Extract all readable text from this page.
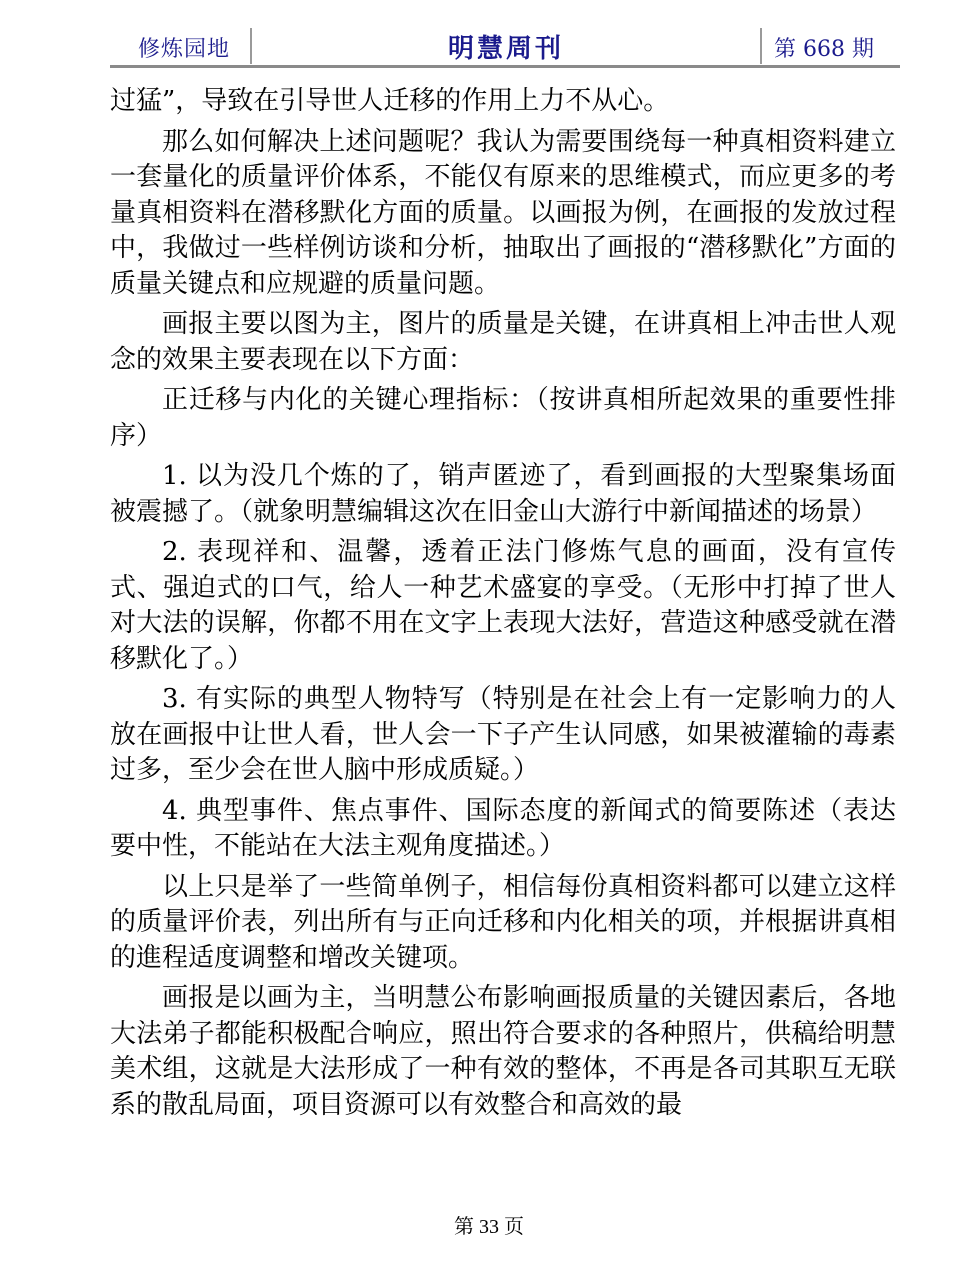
修炼园地	明慧周刊	第 668 期

过猛”，导致在引导世人迁移的作用上力不从心。

那么如何解决上述问题呢？我认为需要围绕每一种真相资料建立一套量化的质量评价体系，不能仅有原来的思维模式，而应更多的考量真相资料在潜移默化方面的质量。以画报为例，在画报的发放过程中，我做过一些样例访谈和分析，抽取出了画报的“潜移默化”方面的质量关键点和应规避的质量问题。

画报主要以图为主，图片的质量是关键，在讲真相上冲击世人观念的效果主要表现在以下方面：

正迁移与内化的关键心理指标：（按讲真相所起效果的重要性排序）

1. 以为没几个炼的了，销声匿迹了，看到画报的大型聚集场面被震撼了。（就象明慧编辑这次在旧金山大游行中新闻描述的场景）

2. 表现祥和、温馨，透着正法门修炼气息的画面，没有宣传式、强迫式的口气，给人一种艺术盛宴的享受。（无形中打掉了世人对大法的误解，你都不用在文字上表现大法好，营造这种感受就在潜移默化了。）

3. 有实际的典型人物特写（特别是在社会上有一定影响力的人放在画报中让世人看，世人会一下子产生认同感，如果被灌输的毒素过多，至少会在世人脑中形成质疑。）

4. 典型事件、焦点事件、国际态度的新闻式的简要陈述（表达要中性，不能站在大法主观角度描述。）

以上只是举了一些简单例子，相信每份真相资料都可以建立这样的质量评价表，列出所有与正向迁移和内化相关的项，并根据讲真相的進程适度调整和增改关键项。

画报是以画为主，当明慧公布影响画报质量的关键因素后，各地大法弟子都能积极配合响应，照出符合要求的各种照片，供稿给明慧美术组，这就是大法形成了一种有效的整体，不再是各司其职互无联系的散乱局面，项目资源可以有效整合和高效的最

第 33 页
